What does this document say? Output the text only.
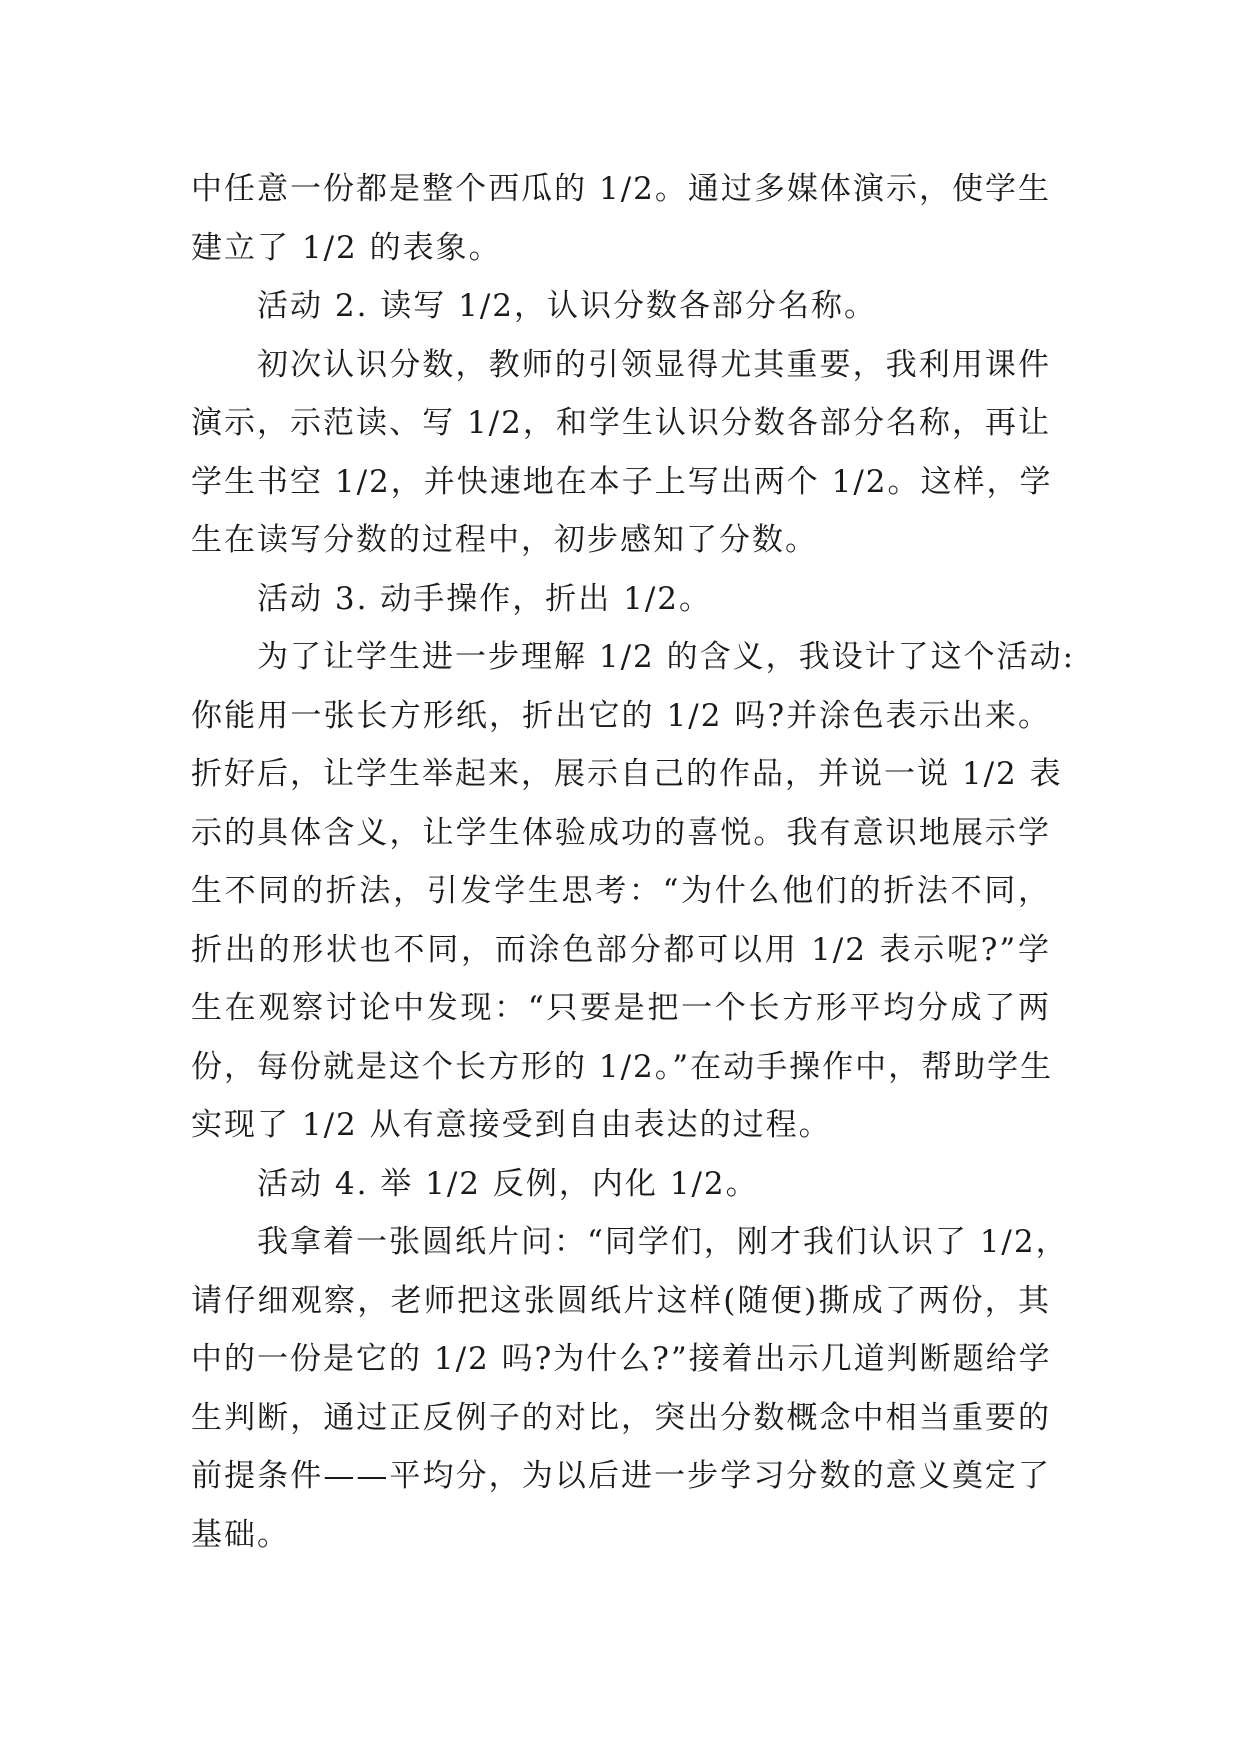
中任意一份都是整个西瓜的 1/2。通过多媒体演示，使学生
建立了 1/2 的表象。
活动 2. 读写 1/2，认识分数各部分名称。
初次认识分数，教师的引领显得尤其重要，我利用课件
演示，示范读、写 1/2，和学生认识分数各部分名称，再让
学生书空 1/2，并快速地在本子上写出两个 1/2。这样，学
生在读写分数的过程中，初步感知了分数。
活动 3. 动手操作，折出 1/2。
为了让学生进一步理解 1/2 的含义，我设计了这个活动:
你能用一张长方形纸，折出它的 1/2 吗?并涂色表示出来。
折好后，让学生举起来，展示自己的作品，并说一说 1/2 表
示的具体含义，让学生体验成功的喜悦。我有意识地展示学
生不同的折法，引发学生思考：“为什么他们的折法不同，
折出的形状也不同，而涂色部分都可以用 1/2 表示呢?”学
生在观察讨论中发现：“只要是把一个长方形平均分成了两
份，每份就是这个长方形的 1/2。”在动手操作中，帮助学生
实现了 1/2 从有意接受到自由表达的过程。
活动 4. 举 1/2 反例，内化 1/2。
我拿着一张圆纸片问：“同学们，刚才我们认识了 1/2，
请仔细观察，老师把这张圆纸片这样(随便)撕成了两份，其
中的一份是它的 1/2 吗?为什么?”接着出示几道判断题给学
生判断，通过正反例子的对比，突出分数概念中相当重要的
前提条件——平均分，为以后进一步学习分数的意义奠定了
基础。
